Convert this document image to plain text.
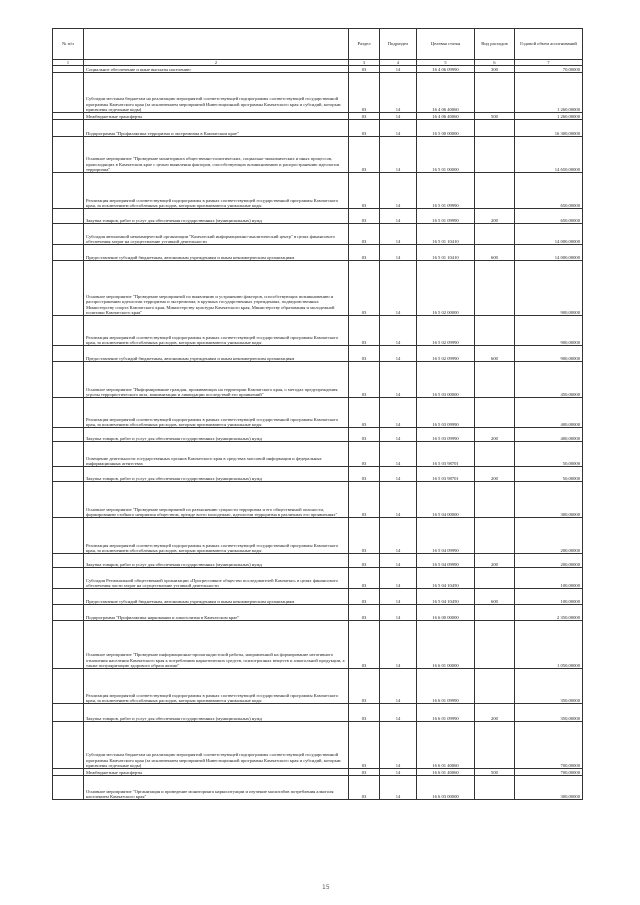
№ п/п		Раздел	Подраздел	Целевая статья	Вид расходов	Годовой объем ассигнований
1	2	3	4	5	6	7
	Социальное обеспечение и иные выплаты населению	03	14	16 4 06 09990	300	70,00000
	Субсидии местным бюджетам на реализацию мероприятий соответствующей подпрограммы соответствующей государственной программы Камчатского края (за исключением мероприятий Инвестиционной программы Камчатского края и субсидий, которым присвоены отдельные коды)	03	14	16 4 06 40060		1 260,00000
	Межбюджетные трансферты	03	14	16 4 06 40060	500	1 260,00000
	Подпрограмма "Профилактика терроризма и экстремизма в Камчатском крае"	03	14	16 5 00 00000		16 300,00000
	Основное мероприятие "Проведение мониторинга общественно-политических, социально-экономических и иных процессов, происходящих в Камчатском крае с целью выявления факторов, способствующих возникновению и распространению идеологии терроризма"	03	14	16 5 01 00000		14 650,00000
	Реализация мероприятий соответствующей подпрограммы в рамках соответствующей государственной программы Камчатского края, за исключением обособленных расходов, которым присваиваются уникальные коды	03	14	16 5 01 09990		650,00000
	Закупка товаров, работ и услуг для обеспечения государственных (муниципальных) нужд	03	14	16 5 01 09990	200	650,00000
	Субсидия автономной некоммерческой организации "Камчатский информационно-аналитический центр" в целях финансового обеспечения затрат на осуществление уставной деятельности	03	14	16 5 01 10410		14 000,00000
	Предоставление субсидий бюджетным, автономным учреждениям и иным некоммерческим организациям	03	14	16 5 01 10410	600	14 000,00000
	Основное мероприятие "Проведение мероприятий по выявлению и устранению факторов, способствующих возникновению и распространению идеологии терроризма и экстремизма, в крупных государственных учреждениях, подведомственных Министерству спорта Камчатского края, Министерству культуры Камчатского края, Министерству образования и молодежной политики Камчатского края"	03	14	16 5 02 00000		900,00000
	Реализация мероприятий соответствующей подпрограммы в рамках соответствующей государственной программы Камчатского края, за исключением обособленных расходов, которым присваиваются уникальные коды	03	14	16 5 02 09990		900,00000
	Предоставление субсидий бюджетным, автономным учреждениям и иным некоммерческим организациям	03	14	16 5 02 09990	600	900,00000
	Основное мероприятие "Информирование граждан, проживающих на территории Камчатского края, о методах предупреждения угрозы террористического акта, минимизации и ликвидации последствий его проявлений"	03	14	16 5 03 00000		450,00000
	Реализация мероприятий соответствующей подпрограммы в рамках соответствующей государственной программы Камчатского края, за исключением обособленных расходов, которым присваиваются уникальные коды	03	14	16 5 03 09990		400,00000
	Закупка товаров, работ и услуг для обеспечения государственных (муниципальных) нужд	03	14	16 5 03 09990	200	400,00000
	Освещение деятельности государственных органов Камчатского края в средствах массовой информации и федеральных информационных агентствах	03	14	16 5 03 98701		50,00000
	Закупка товаров, работ и услуг для обеспечения государственных (муниципальных) нужд	03	14	16 5 03 98701	200	50,00000
	Основное мероприятие "Проведение мероприятий по разъяснению сущности терроризма и его общественной опасности, формированию стойкого неприятия обществом, прежде всего молодежью, идеологии терроризма в различных его проявлениях"	03	14	16 5 04 00000		300,00000
	Реализация мероприятий соответствующей подпрограммы в рамках соответствующей государственной программы Камчатского края, за исключением обособленных расходов, которым присваиваются уникальные коды	03	14	16 5 04 09990		200,00000
	Закупка товаров, работ и услуг для обеспечения государственных (муниципальных) нужд	03	14	16 5 04 09990	200	200,00000
	Субсидия Региональной общественной организации «Прогрессивное общество последователей Камчатки» в целях финансового обеспечения части затрат на осуществление уставной деятельности	03	14	16 5 04 10450		100,00000
	Предоставление субсидий бюджетным, автономным учреждениям и иным некоммерческим организациям	03	14	16 5 04 10450	600	100,00000
	Подпрограмма "Профилактика наркомании и алкоголизма в Камчатском крае"	03	14	16 6 00 00000		2 350,00000
	Основное мероприятие "Проведение информационно-пропагандистской работы, направленной на формирование негативного отношения населения Камчатского края к потреблению наркотических средств, психотропных веществ и алкогольной продукции, а также популяризацию здорового образа жизни"	03	14	16 6 01 00000		1 050,00000
	Реализация мероприятий соответствующей подпрограммы в рамках соответствующей государственной программы Камчатского края, за исключением обособленных расходов, которым присваиваются уникальные коды	03	14	16 6 01 09990		350,00000
	Закупка товаров, работ и услуг для обеспечения государственных (муниципальных) нужд	03	14	16 6 01 09990	200	350,00000
	Субсидии местным бюджетам на реализацию мероприятий соответствующей подпрограммы соответствующей государственной программы Камчатского края (за исключением мероприятий Инвестиционной программы Камчатского края и субсидий, которым присвоены отдельные коды)	03	14	16 6 01 40060		700,00000
	Межбюджетные трансферты	03	14	16 6 01 40060	500	700,00000
	Основное мероприятие "Организация и проведение мониторинга наркоситуации и изучение масштабов потребления алкоголя населением Камчатского края"	03	14	16 6 03 00000		300,00000
15
